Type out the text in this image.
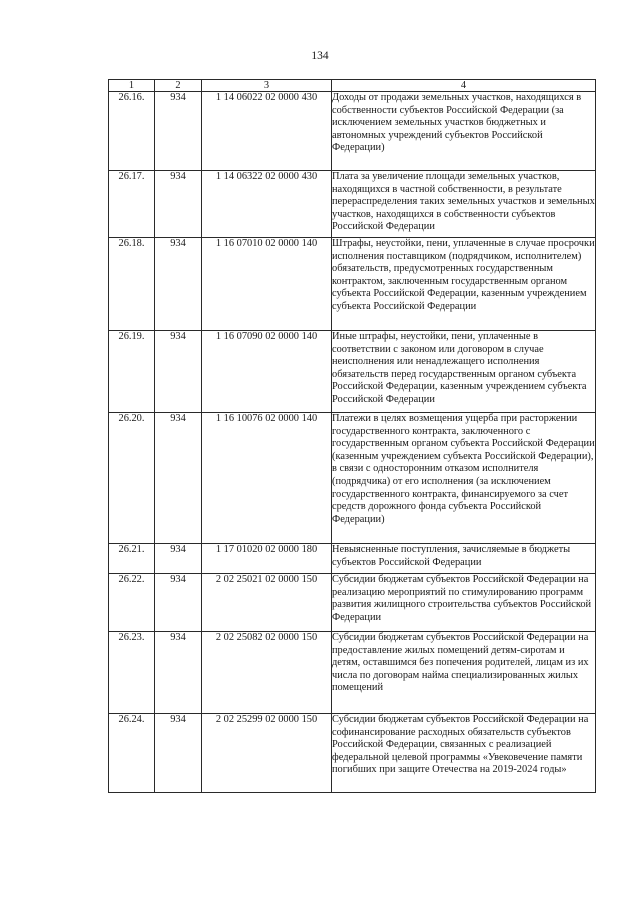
134
1	2	3	4
26.16.	934	1 14 06022 02 0000 430	Доходы от продажи земельных участков, находящихся в собственности субъектов Российской Федерации (за исключением земельных участков бюджетных и автономных учреждений субъектов Российской Федерации)
26.17.	934	1 14 06322 02 0000 430	Плата за увеличение площади земельных участков, находящихся в частной собственности, в результате перераспределения таких земельных участков и земельных участков, находящихся в собственности субъектов Российской Федерации
26.18.	934	1 16 07010 02 0000 140	Штрафы, неустойки, пени, уплаченные в случае просрочки исполнения поставщиком (подрядчиком, исполнителем) обязательств, предусмотренных государственным контрактом, заключенным государственным органом субъекта Российской Федерации, казенным учреждением субъекта Российской Федерации
26.19.	934	1 16 07090 02 0000 140	Иные штрафы, неустойки, пени, уплаченные в соответствии с законом или договором в случае неисполнения или ненадлежащего исполнения обязательств перед государственным органом субъекта Российской Федерации, казенным учреждением субъекта Российской Федерации
26.20.	934	1 16 10076 02 0000 140	Платежи в целях возмещения ущерба при расторжении государственного контракта, заключенного с государственным органом субъекта Российской Федерации (казенным учреждением субъекта Российской Федерации), в связи с односторонним отказом исполнителя (подрядчика) от его исполнения (за исключением государственного контракта, финансируемого за счет средств дорожного фонда субъекта Российской Федерации)
26.21.	934	1 17 01020 02 0000 180	Невыясненные поступления, зачисляемые в бюджеты субъектов Российской Федерации
26.22.	934	2 02 25021 02 0000 150	Субсидии бюджетам субъектов Российской Федерации на реализацию мероприятий по стимулированию программ развития жилищного строительства субъектов Российской Федерации
26.23.	934	2 02 25082 02 0000 150	Субсидии бюджетам субъектов Российской Федерации на предоставление жилых помещений детям-сиротам и детям, оставшимся без попечения родителей, лицам из их числа по договорам найма специализированных жилых помещений
26.24.	934	2 02 25299 02 0000 150	Субсидии бюджетам субъектов Российской Федерации на софинансирование расходных обязательств субъектов Российской Федерации, связанных с реализацией федеральной целевой программы «Увековечение памяти погибших при защите Отечества на 2019-2024 годы»
